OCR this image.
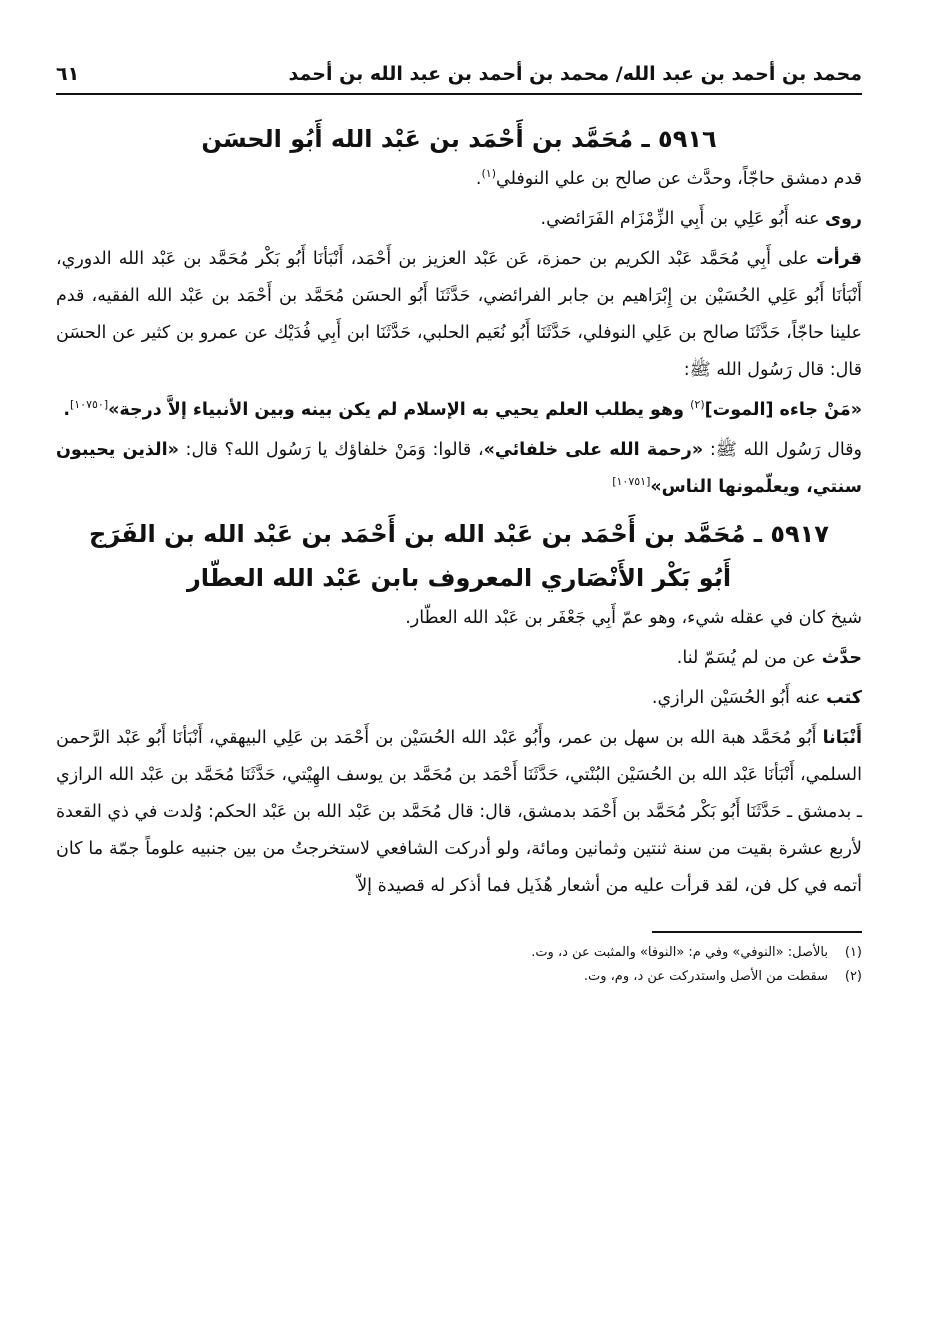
محمد بن أحمد بن عبد الله/ محمد بن أحمد بن عبد الله بن أحمد
٦١
٥٩١٦ ـ مُحَمَّد بن أَحْمَد بن عَبْد الله أَبُو الحسَن

قدم دمشق حاجّاً، وحدَّث عن صالح بن علي النوفلي$^{(١)}$.

روى عنه أَبُو عَلِي بن أَبِي الزِّمْزَام الفَرَائضي.

قرأت على أَبِي مُحَمَّد عَبْد الكريم بن حمزة، عَن عَبْد العزيز بن أَحْمَد، أَنْبَأنَا أَبُو بَكْر مُحَمَّد بن عَبْد الله الدوري، أَنْبَأنَا أَبُو عَلِي الحُسَيْن بن إِبْرَاهيم بن جابر الفرائضي، حَدَّثَنَا أَبُو الحسَن مُحَمَّد بن أَحْمَد بن عَبْد الله الفقيه، قدم علينا حاجّاً، حَدَّثَنَا صالح بن عَلِي النوفلي، حَدَّثَنَا أَبُو نُعَيم الحلبي، حَدَّثَنَا ابن أَبِي فُدَيْك عن عمرو بن كثير عن الحسَن قال: قال رَسُول الله ﷺ:

«مَنْ جاءه [الموت]$^{(٢)}$ وهو يطلب العلم يحيي به الإسلام لم يكن بينه وبين الأنبياء إلاَّ درجة»[١٠٧٥٠].

وقال رَسُول الله ﷺ: «رحمة الله على خلفائي»، قالوا: وَمَنْ خلفاؤك يا رَسُول الله؟ قال: «الذين يحيبون سنتي، ويعلّمونها الناس»[١٠٧٥١]

٥٩١٧ ـ مُحَمَّد بن أَحْمَد بن عَبْد الله بن أَحْمَد بن عَبْد الله بن الفَرَج
أَبُو بَكْر الأَنْصَاري المعروف بابن عَبْد الله العطّار

شيخ كان في عقله شيء، وهو عمّ أَبِي جَعْفَر بن عَبْد الله العطّار.

حدَّث عن من لم يُسَمّ لنا.

كتب عنه أَبُو الحُسَيْن الرازي.

أَنْبَانا أَبُو مُحَمَّد هبة الله بن سهل بن عمر، وأَبُو عَبْد الله الحُسَيْن بن أَحْمَد بن عَلِي البيهقي، أَنْبَأنَا أَبُو عَبْد الرَّحمن السلمي، أَنْبَأنَا عَبْد الله بن الحُسَيْن البُنْتي، حَدَّثَنَا أَحْمَد بن مُحَمَّد بن يوسف الهِيْتي، حَدَّثَنَا مُحَمَّد بن عَبْد الله الرازي ـ بدمشق ـ حَدَّثَنَا أَبُو بَكْر مُحَمَّد بن أَحْمَد بدمشق، قال: قال مُحَمَّد بن عَبْد الله بن عَبْد الحكم: وُلدت في ذي القعدة لأربع عشرة بقيت من سنة ثنتين وثمانين ومائة، ولو أدركت الشافعي لاستخرجتُ من بين جنبيه علوماً جمّة ما كان أتمه في كل فن، لقد قرأت عليه من أشعار هُذَيل فما أذكر له قصيدة إلاّ

(١)
بالأصل: «النوفي» وفي م: «النوفا» والمثبت عن د، وت.
(٢)
سقطت من الأصل واستدركت عن د، وم، وت.
